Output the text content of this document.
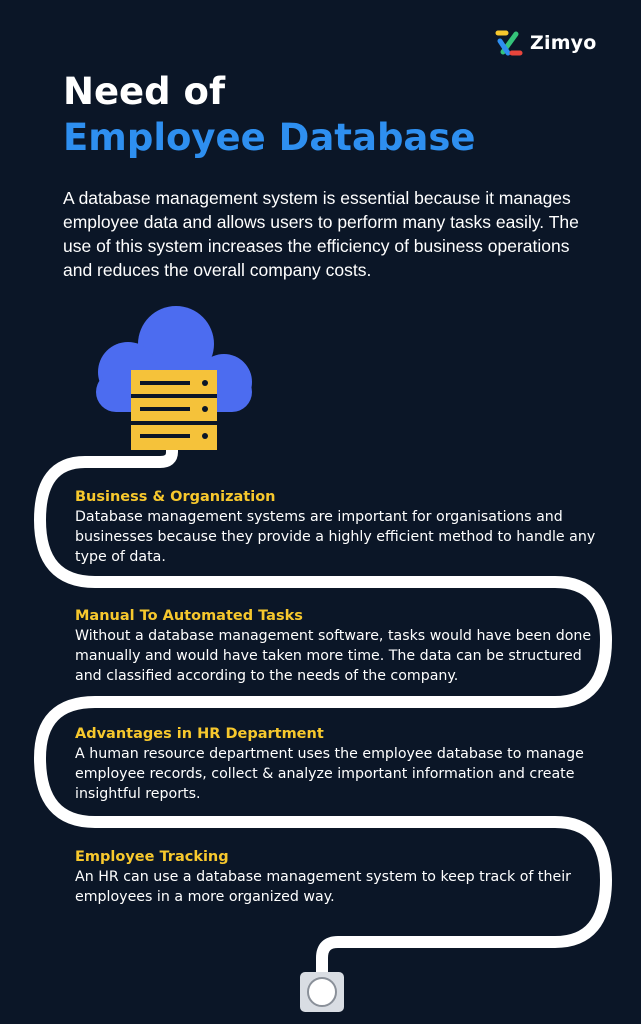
Zimyo
Need of
Employee Database

A database management system is essential because it manages employee data and allows users to perform many tasks easily. The use of this system increases the efficiency of business operations and reduces the overall company costs.

Business & Organization

Database management systems are important for organisations and businesses because they provide a highly efficient method to handle any type of data.

Manual To Automated Tasks

Without a database management software, tasks would have been done manually and would have taken more time. The data can be structured and classified according to the needs of the company.

Advantages in HR Department

A human resource department uses the employee database to manage employee records, collect & analyze important information and create insightful reports.

Employee Tracking

An HR can use a database management system to keep track of their employees in a more organized way.
